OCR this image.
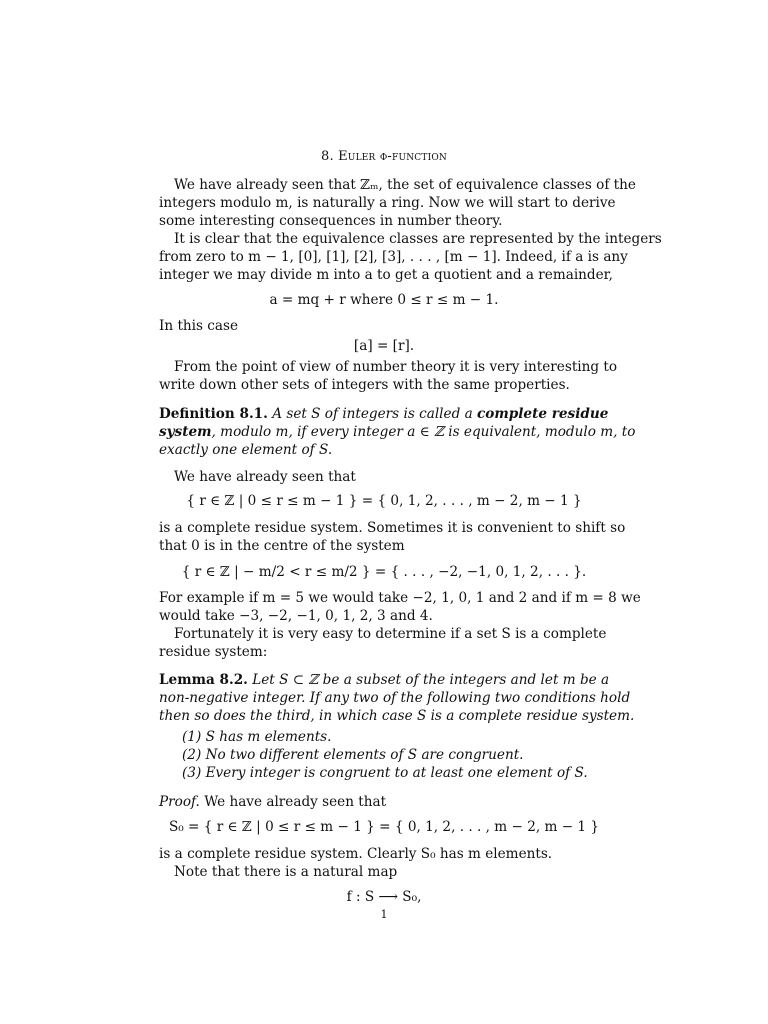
8. Euler φ-function
We have already seen that ℤₘ, the set of equivalence classes of the
integers modulo m, is naturally a ring. Now we will start to derive
some interesting consequences in number theory.
It is clear that the equivalence classes are represented by the integers
from zero to m − 1, [0], [1], [2], [3], . . . , [m − 1]. Indeed, if a is any
integer we may divide m into a to get a quotient and a remainder,
a = mq + r where 0 ≤ r ≤ m − 1.
In this case
[a] = [r].
From the point of view of number theory it is very interesting to
write down other sets of integers with the same properties.
Definition 8.1. A set S of integers is called a complete residue
system, modulo m, if every integer a ∈ ℤ is equivalent, modulo m, to
exactly one element of S.
We have already seen that
{ r ∈ ℤ | 0 ≤ r ≤ m − 1 } = { 0, 1, 2, . . . , m − 2, m − 1 }
is a complete residue system. Sometimes it is convenient to shift so
that 0 is in the centre of the system
{ r ∈ ℤ | − m/2 < r ≤ m/2 } = { . . . , −2, −1, 0, 1, 2, . . . }.
For example if m = 5 we would take −2, 1, 0, 1 and 2 and if m = 8 we
would take −3, −2, −1, 0, 1, 2, 3 and 4.
Fortunately it is very easy to determine if a set S is a complete
residue system:
Lemma 8.2. Let S ⊂ ℤ be a subset of the integers and let m be a
non-negative integer. If any two of the following two conditions hold
then so does the third, in which case S is a complete residue system.
(1) S has m elements.
(2) No two different elements of S are congruent.
(3) Every integer is congruent to at least one element of S.
Proof. We have already seen that
S₀ = { r ∈ ℤ | 0 ≤ r ≤ m − 1 } = { 0, 1, 2, . . . , m − 2, m − 1 }
is a complete residue system. Clearly S₀ has m elements.
Note that there is a natural map
f : S ⟶ S₀,
1
